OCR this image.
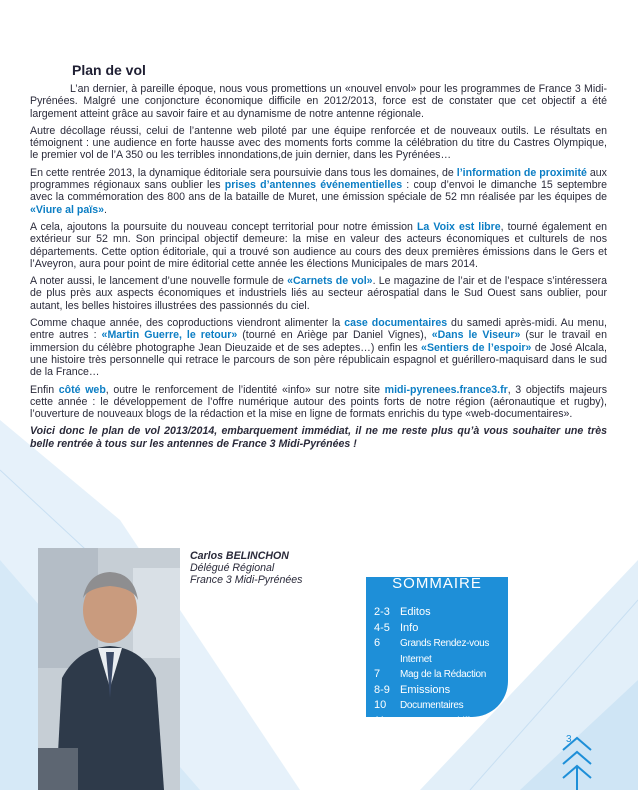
Plan de vol

L’an dernier, à pareille époque, nous vous promettions un «nouvel envol» pour les programmes de France 3 Midi-Pyrénées. Malgré une conjoncture économique difficile en 2012/2013, force est de constater que cet objectif a été largement atteint grâce au savoir faire et au dynamisme de notre antenne régionale.

Autre décollage réussi, celui de l’antenne web piloté par une équipe renforcée et de nouveaux outils. Le résultats en témoignent : une audience en forte hausse avec des moments forts comme la célébration du titre du Castres Olympique, le premier vol de l’A 350 ou les terribles innondations,de juin dernier, dans les Pyrénées…

En cette rentrée 2013, la dynamique éditoriale sera poursuivie dans tous les domaines, de l’information de proximité aux programmes régionaux sans oublier les prises d’antennes événementielles : coup d’envoi le dimanche 15 septembre avec la commémoration des 800 ans de la bataille de Muret, une émission spéciale de 52 mn réalisée par les équipes de «Viure al païs».

A cela, ajoutons la poursuite du nouveau concept territorial pour notre émission La Voix est libre, tourné également en extérieur sur 52 mn. Son principal objectif demeure: la mise en valeur des acteurs économiques et culturels de nos départements. Cette option éditoriale, qui a trouvé son audience au cours des deux premières émissions dans le Gers et l’Aveyron, aura pour point de mire éditorial cette année les élections Municipales de mars 2014.

A noter aussi, le lancement d’une nouvelle formule de «Carnets de vol». Le magazine de l’air et de l’espace s’intéressera de plus près aux aspects économiques et industriels liés au secteur aérospatial dans le Sud Ouest sans oublier, pour autant, les belles histoires illustrées des passionnés du ciel.

Comme chaque année, des coproductions viendront alimenter la case documentaires du samedi après-midi. Au menu, entre autres : «Martin Guerre, le retour» (tourné en Ariège par Daniel Vignes), «Dans le Viseur» (sur le travail en immersion du célèbre photographe Jean Dieuzaide et de ses adeptes…) enfin les «Sentiers de l’espoir» de José Alcala, une histoire très personnelle qui retrace le parcours de son père républicain espagnol et guérillero-maquisard dans le sud de la France…

Enfin côté web, outre le renforcement de l’identité «info» sur notre site midi-pyrenees.france3.fr, 3 objectifs majeurs cette année : le développement de l’offre numérique autour des points forts de notre région (aéronautique et rugby), l’ouverture de nouveaux blogs de la rédaction et la mise en ligne de formats enrichis du type «web-documentaires».

Voici donc le plan de vol 2013/2014, embarquement immédiat, il ne me reste plus qu’à vous souhaiter une très belle rentrée à tous sur les antennes de France 3 Midi-Pyrénées !

Carlos BELINCHON
Délégué Régional
France 3 Midi-Pyrénées	SOMMAIRE
2-3 Editos
4-5 Info
6	Grands Rendez-vous
Internet
7	Mag de la Rédaction
8-9 Emissions
10	Documentaires
11	France 3 en chiffres
3
